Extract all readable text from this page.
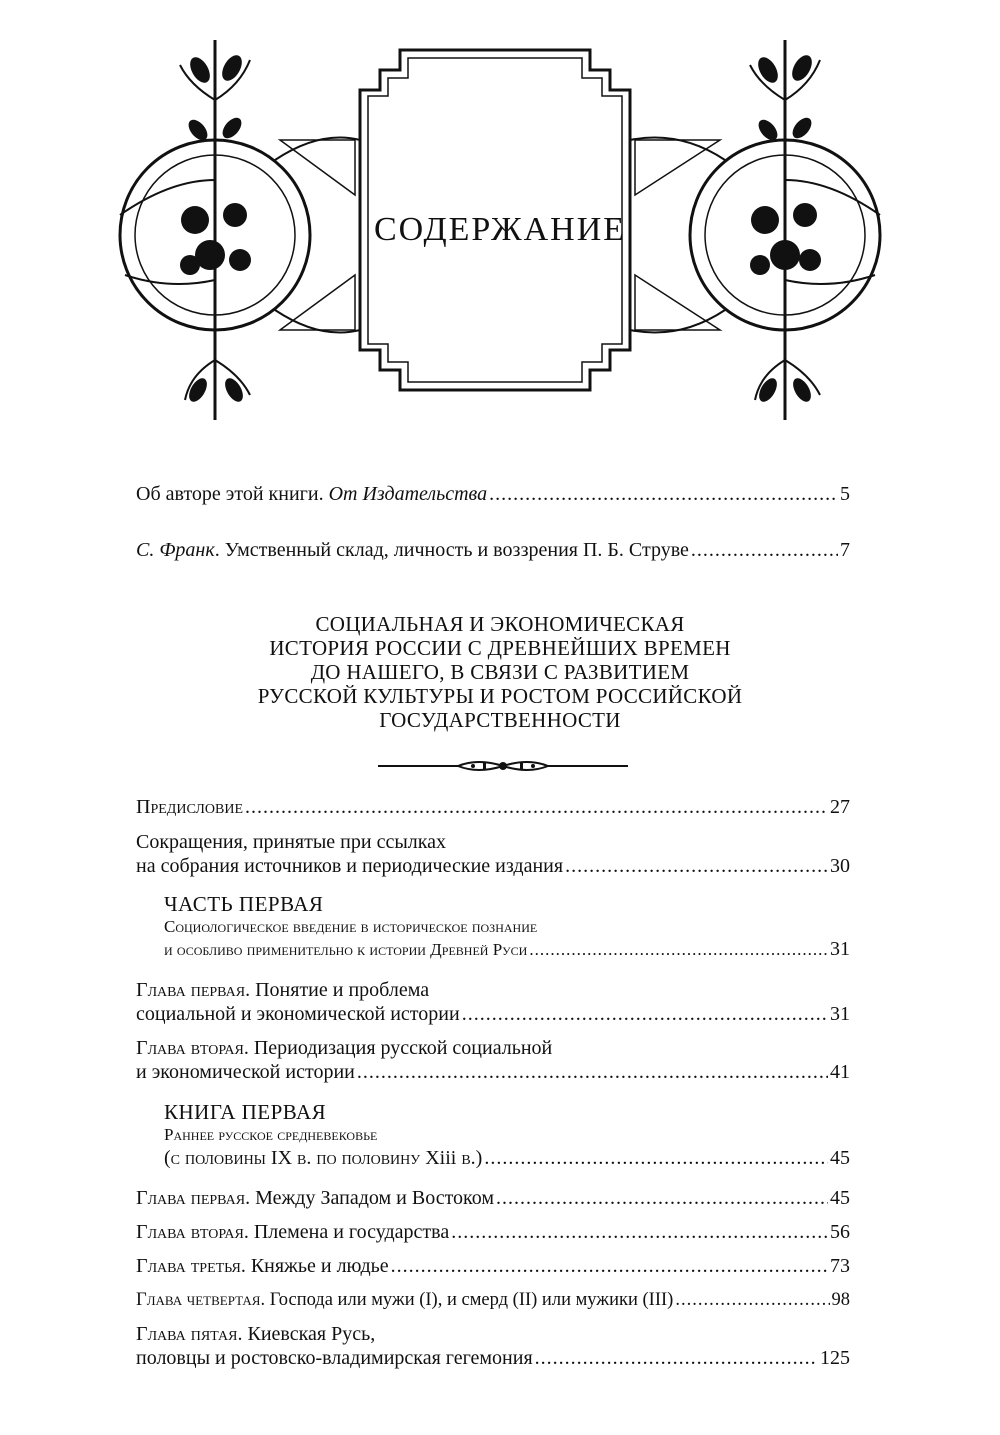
СОДЕРЖАНИЕ
Об авторе этой книги. От Издательства .....	5
С. Франк . Умственный склад, личность и воззрения П. Б. Струве .....	7
СОЦИАЛЬНАЯ И ЭКОНОМИЧЕСКАЯ
ИСТОРИЯ РОССИИ С ДРЕВНЕЙШИХ ВРЕМЕН
ДО НАШЕГО, В СВЯЗИ С РАЗВИТИЕМ
РУССКОЙ КУЛЬТУРЫ И РОСТОМ РОССИЙСКОЙ
ГОСУДАРСТВЕННОСТИ
Предисловие .....	27
Сокращения, принятые при ссылках
на собрания источников и периодические издания .....	30
ЧАСТЬ ПЕРВАЯ
Социологическое введение в историческое познание
и особливо применительно к истории Древней Руси .....	31
Глава первая . Понятие и проблема
социальной и экономической истории .....	31
Глава вторая . Периодизация русской социальной
и экономической истории .....	41
КНИГА ПЕРВАЯ
Раннее русское средневековье
(с половины IX в. по половину Xiii в.) .....	45
Глава первая . Между Западом и Востоком .....	45
Глава вторая . Племена и государства .....	56
Глава третья . Княжье и людье .....	73
Глава четвертая . Господа или мужи (I), и смерд (II) или мужики (III) .....	98
Глава пятая . Киевская Русь,
половцы и ростовско-владимирская гегемония .....	125
